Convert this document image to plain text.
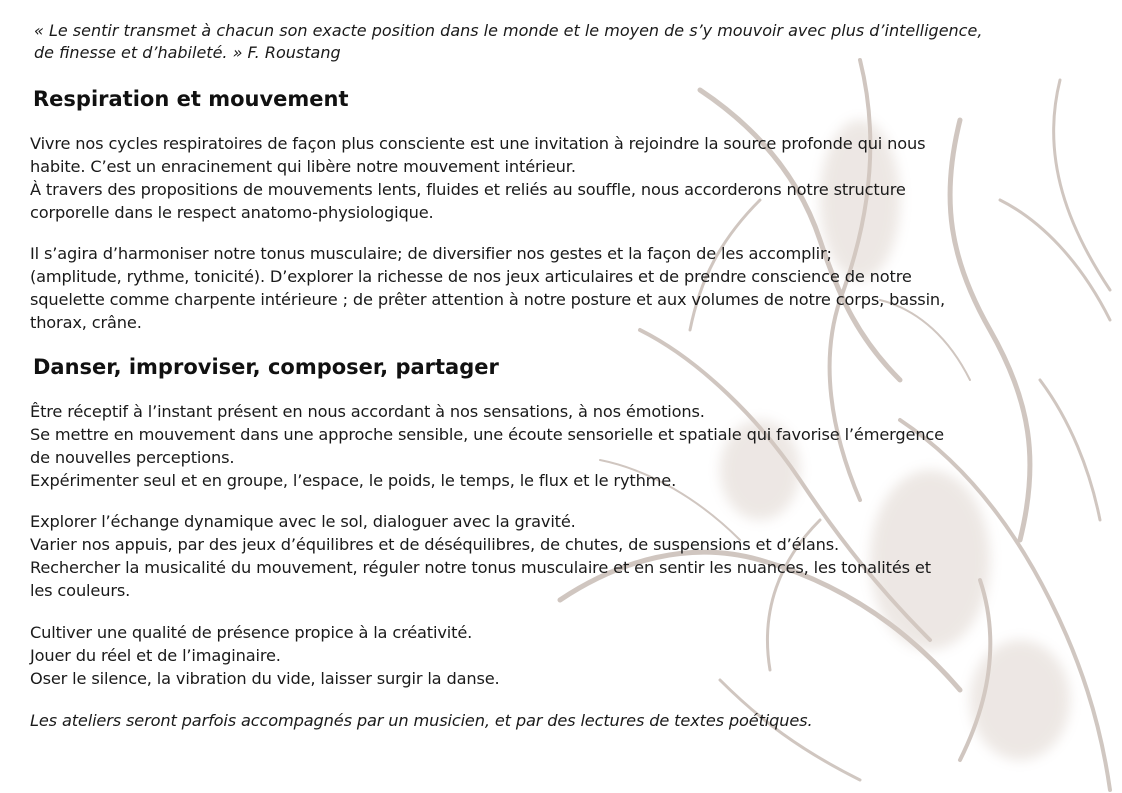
« Le sentir transmet à chacun son exacte position dans le monde et le moyen de s’y mouvoir avec plus d’intelligence,
de finesse et d’habileté. » F. Roustang

Respiration et mouvement

Vivre nos cycles respiratoires de façon plus consciente est une invitation à rejoindre la source profonde qui nous
habite. C’est un enracinement qui libère notre mouvement intérieur.
À travers des propositions de mouvements lents, fluides et reliés au souffle, nous accorderons notre structure
corporelle dans le respect anatomo-physiologique.

Il s’agira d’harmoniser notre tonus musculaire; de diversifier nos gestes et la façon de les accomplir;
(amplitude, rythme, tonicité). D’explorer la richesse de nos jeux articulaires et de prendre conscience de notre
squelette comme charpente intérieure ; de prêter attention à notre posture et aux volumes de notre corps, bassin,
thorax, crâne.

Danser, improviser, composer, partager

Être réceptif à l’instant présent en nous accordant à nos sensations, à nos émotions.
Se mettre en mouvement dans une approche sensible, une écoute sensorielle et spatiale qui favorise l’émergence
de nouvelles perceptions.
Expérimenter seul et en groupe, l’espace, le poids, le temps, le flux et le rythme.

Explorer l’échange dynamique avec le sol, dialoguer avec la gravité.
Varier nos appuis, par des jeux d’équilibres et de déséquilibres, de chutes, de suspensions et d’élans.
Rechercher la musicalité du mouvement, réguler notre tonus musculaire et en sentir les nuances, les tonalités et
les couleurs.

Cultiver une qualité de présence propice à la créativité.
Jouer du réel et de l’imaginaire.
Oser le silence, la vibration du vide, laisser surgir la danse.

Les ateliers seront parfois accompagnés par un musicien, et par des lectures de textes poétiques.
